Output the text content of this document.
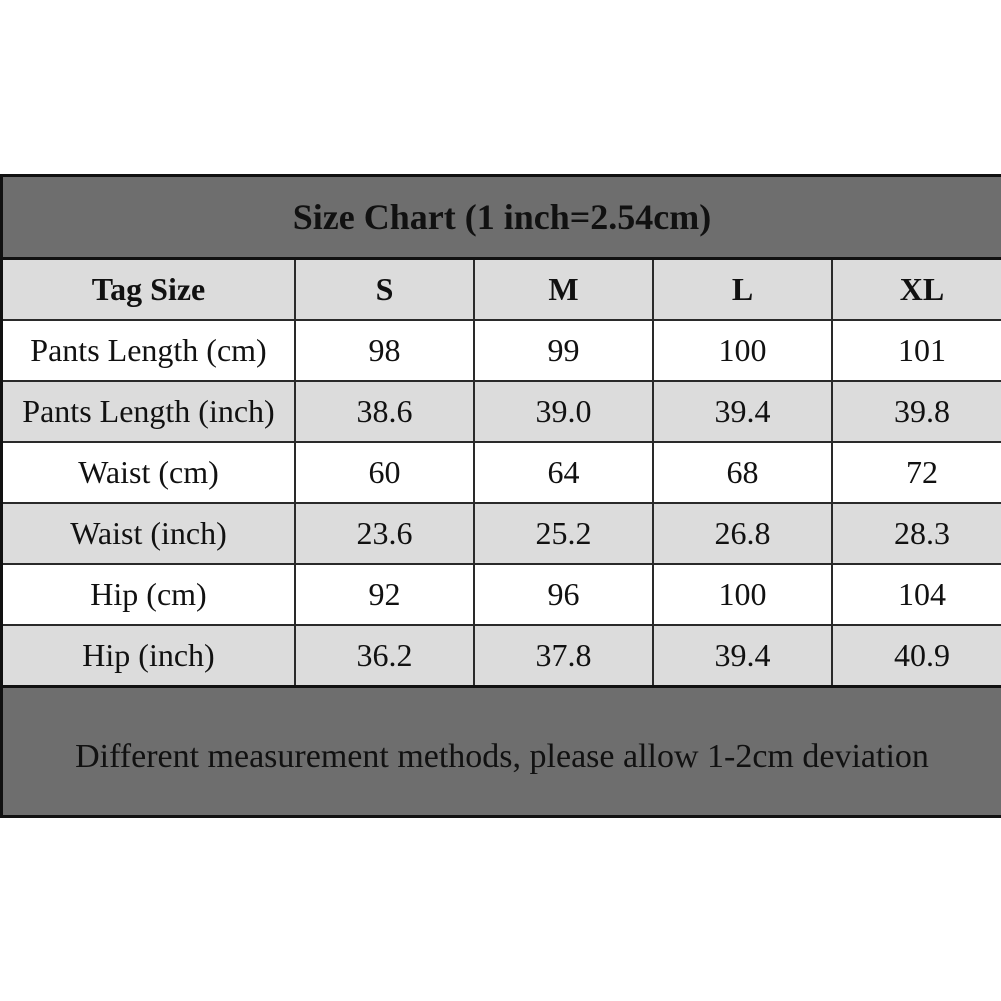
Size Chart (1 inch=2.54cm)
Tag Size	S	M	L	XL
Pants Length (cm)	98	99	100	101
Pants Length (inch)	38.6	39.0	39.4	39.8
Waist (cm)	60	64	68	72
Waist (inch)	23.6	25.2	26.8	28.3
Hip (cm)	92	96	100	104
Hip (inch)	36.2	37.8	39.4	40.9
Different measurement methods, please allow 1-2cm deviation
